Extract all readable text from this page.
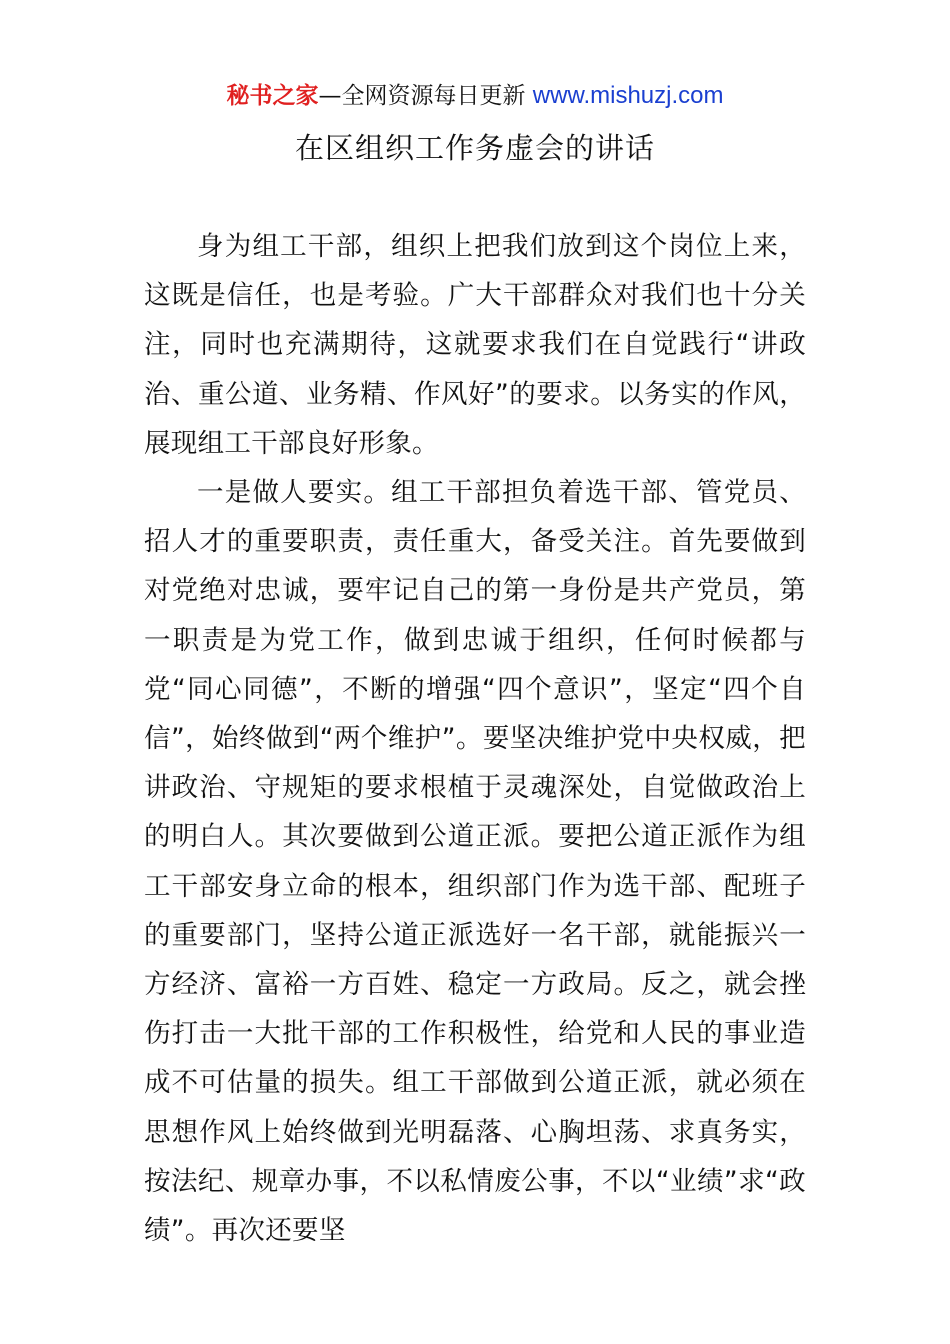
秘书之家—全网资源每日更新 www.mishuzj.com
在区组织工作务虚会的讲话

身为组工干部，组织上把我们放到这个岗位上来，这既是信任，也是考验。广大干部群众对我们也十分关注，同时也充满期待，这就要求我们在自觉践行“讲政治、重公道、业务精、作风好”的要求。以务实的作风，展现组工干部良好形象。

一是做人要实。组工干部担负着选干部、管党员、招人才的重要职责，责任重大，备受关注。首先要做到对党绝对忠诚，要牢记自己的第一身份是共产党员，第一职责是为党工作，做到忠诚于组织，任何时候都与党“同心同德”，不断的增强“四个意识”，坚定“四个自信”，始终做到“两个维护”。要坚决维护党中央权威，把讲政治、守规矩的要求根植于灵魂深处，自觉做政治上的明白人。其次要做到公道正派。要把公道正派作为组工干部安身立命的根本，组织部门作为选干部、配班子的重要部门，坚持公道正派选好一名干部，就能振兴一方经济、富裕一方百姓、稳定一方政局。反之，就会挫伤打击一大批干部的工作积极性，给党和人民的事业造成不可估量的损失。组工干部做到公道正派，就必须在思想作风上始终做到光明磊落、心胸坦荡、求真务实，按法纪、规章办事，不以私情废公事，不以“业绩”求“政绩”。再次还要坚
